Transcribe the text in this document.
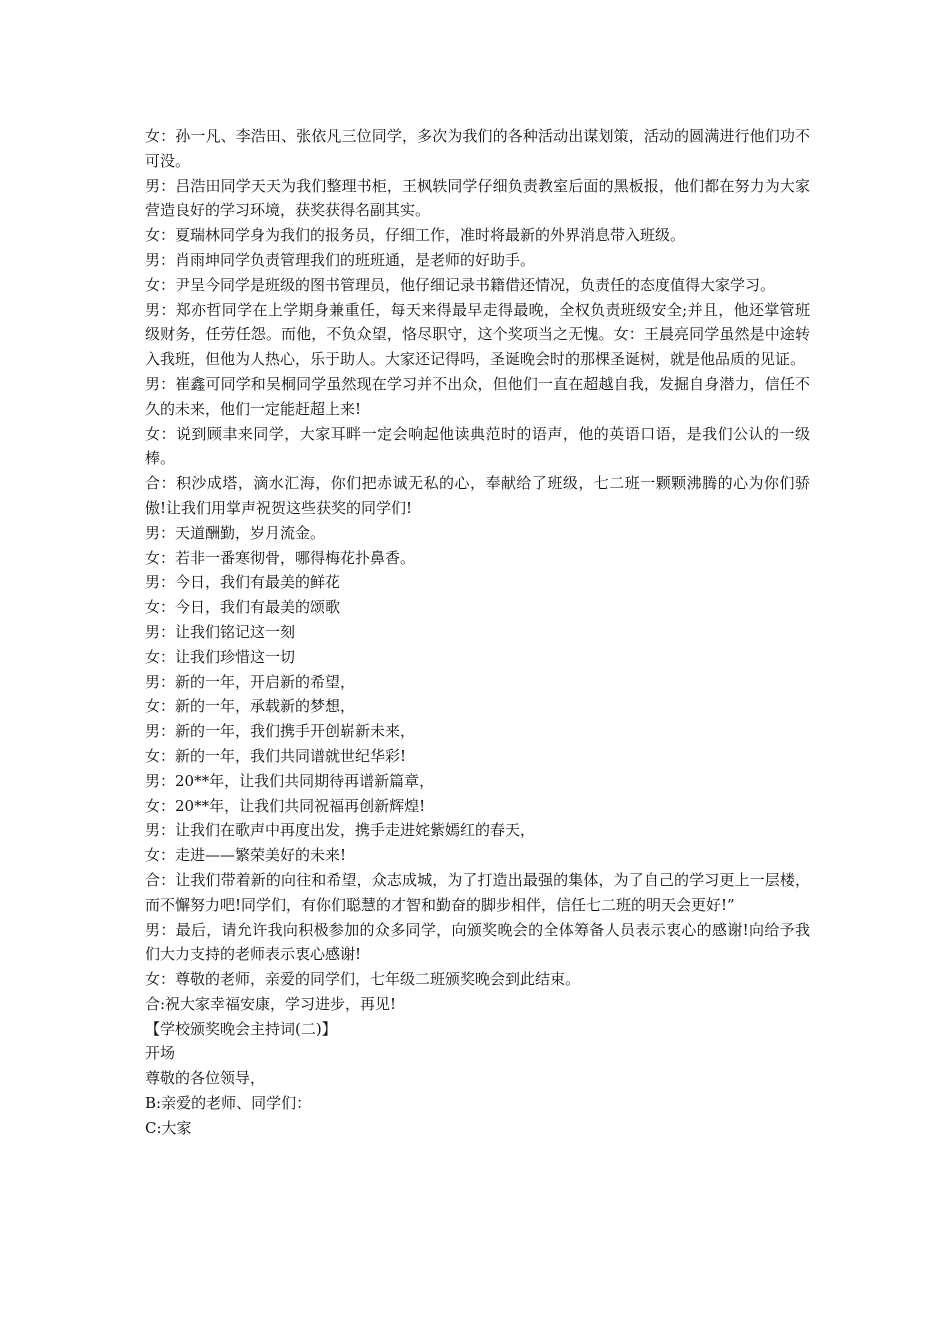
女：孙一凡、李浩田、张依凡三位同学，多次为我们的各种活动出谋划策，活动的圆满进行他们功不可没。

男：吕浩田同学天天为我们整理书柜，王枫轶同学仔细负责教室后面的黑板报，他们都在努力为大家营造良好的学习环境，获奖获得名副其实。

女：夏瑞林同学身为我们的报务员，仔细工作，准时将最新的外界消息带入班级。

男：肖雨坤同学负责管理我们的班班通，是老师的好助手。

女：尹呈今同学是班级的图书管理员，他仔细记录书籍借还情况，负责任的态度值得大家学习。

男：郑亦哲同学在上学期身兼重任，每天来得最早走得最晚，全权负责班级安全;并且，他还掌管班级财务，任劳任怨。而他，不负众望，恪尽职守，这个奖项当之无愧。女：王晨亮同学虽然是中途转入我班，但他为人热心，乐于助人。大家还记得吗，圣诞晚会时的那棵圣诞树，就是他品质的见证。

男：崔鑫可同学和吴桐同学虽然现在学习并不出众，但他们一直在超越自我，发掘自身潜力，信任不久的未来，他们一定能赶超上来!

女：说到顾聿来同学，大家耳畔一定会响起他读典范时的语声，他的英语口语，是我们公认的一级棒。

合：积沙成塔，滴水汇海，你们把赤诚无私的心，奉献给了班级，七二班一颗颗沸腾的心为你们骄傲!让我们用掌声祝贺这些获奖的同学们!

男：天道酬勤，岁月流金。

女：若非一番寒彻骨，哪得梅花扑鼻香。

男：今日，我们有最美的鲜花

女：今日，我们有最美的颂歌

男：让我们铭记这一刻

女：让我们珍惜这一切

男：新的一年，开启新的希望，

女：新的一年，承载新的梦想，

男：新的一年，我们携手开创崭新未来，

女：新的一年，我们共同谱就世纪华彩!

男：20**年，让我们共同期待再谱新篇章，

女：20**年，让我们共同祝福再创新辉煌!

男：让我们在歌声中再度出发，携手走进姹紫嫣红的春天，

女：走进——繁荣美好的未来!

合：让我们带着新的向往和希望，众志成城，为了打造出最强的集体，为了自己的学习更上一层楼，而不懈努力吧!同学们，有你们聪慧的才智和勤奋的脚步相伴，信任七二班的明天会更好!”

男：最后，请允许我向积极参加的众多同学，向颁奖晚会的全体筹备人员表示衷心的感谢!向给予我们大力支持的老师表示衷心感谢!

女：尊敬的老师，亲爱的同学们，七年级二班颁奖晚会到此结束。

合:祝大家幸福安康，学习进步，再见!

【学校颁奖晚会主持词(二)】

开场

尊敬的各位领导，

B:亲爱的老师、同学们：

C:大家
